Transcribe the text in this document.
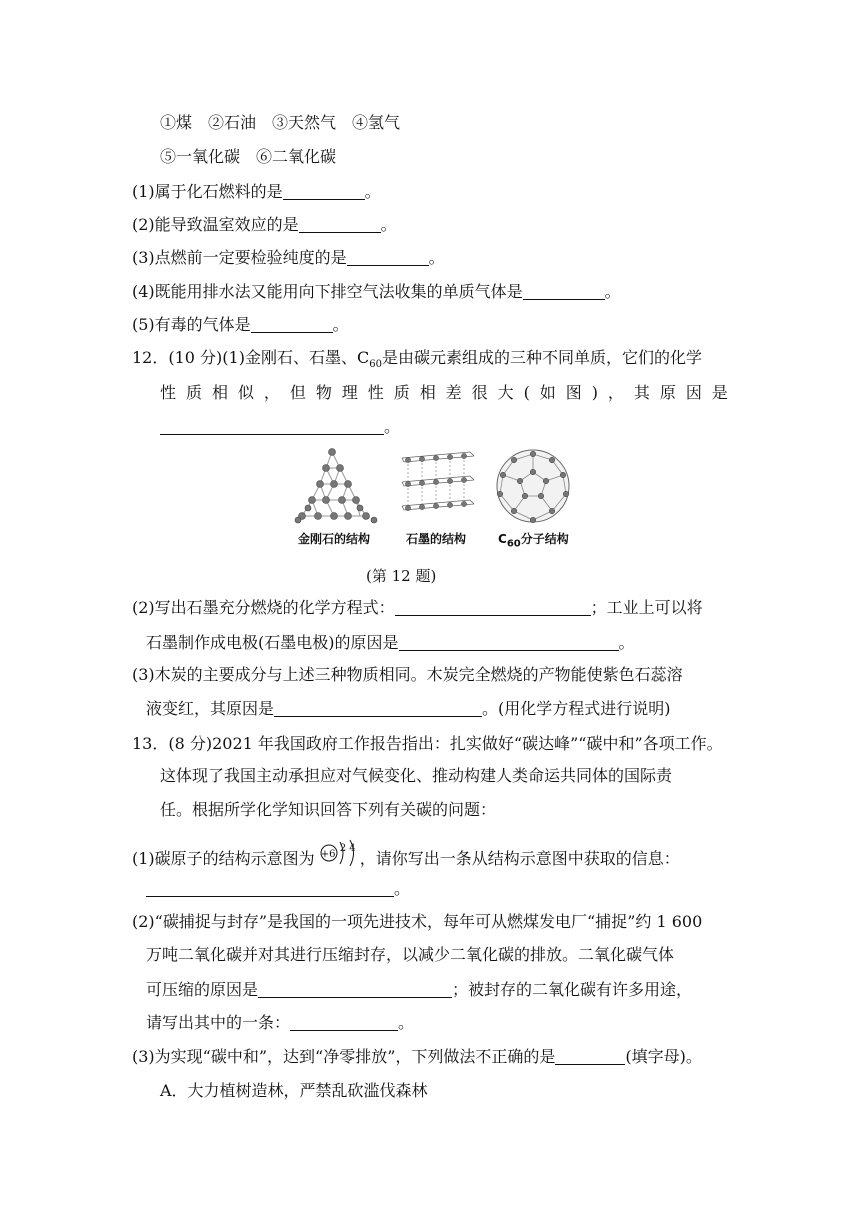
①煤　②石油　③天然气　④氢气
⑤一氧化碳　⑥二氧化碳
(1)属于化石燃料的是	。
(2)能导致温室效应的是	。
(3)点燃前一定要检验纯度的是	。
(4)既能用排水法又能用向下排空气法收集的单质气体是	。
(5)有毒的气体是	。
12．(10 分)(1)金刚石、石墨、$C_{60}$是由碳元素组成的三种不同单质，它们的化学
性 质 相 似 ， 但 物 理 性 质 相 差 很 大 ( 如 图 ) ， 其 原 因 是
。
金刚石的结构	石墨的结构	$C_{60}$分子结构
(第 12 题)
(2)写出石墨充分燃烧的化学方程式：	；工业上可以将
石墨制作成电极(石墨电极)的原因是	。
(3)木炭的主要成分与上述三种物质相同。木炭完全燃烧的产物能使紫色石蕊溶
液变红，其原因是	。(用化学方程式进行说明)
13．(8 分)2021 年我国政府工作报告指出：扎实做好“碳达峰”“碳中和”各项工作。
这体现了我国主动承担应对气候变化、推动构建人类命运共同体的国际责
任。根据所学化学知识回答下列有关碳的问题：
(1)碳原子的结构示意图为 +6
2 4
，请你写出一条从结构示意图中获取的信息：
。
(2)“碳捕捉与封存”是我国的一项先进技术，每年可从燃煤发电厂“捕捉”约 1 600
万吨二氧化碳并对其进行压缩封存，以减少二氧化碳的排放。二氧化碳气体
可压缩的原因是	；被封存的二氧化碳有许多用途，
请写出其中的一条：	。
(3)为实现“碳中和”，达到“净零排放”，下列做法不正确的是	(填字母)。
A．大力植树造林，严禁乱砍滥伐森林
